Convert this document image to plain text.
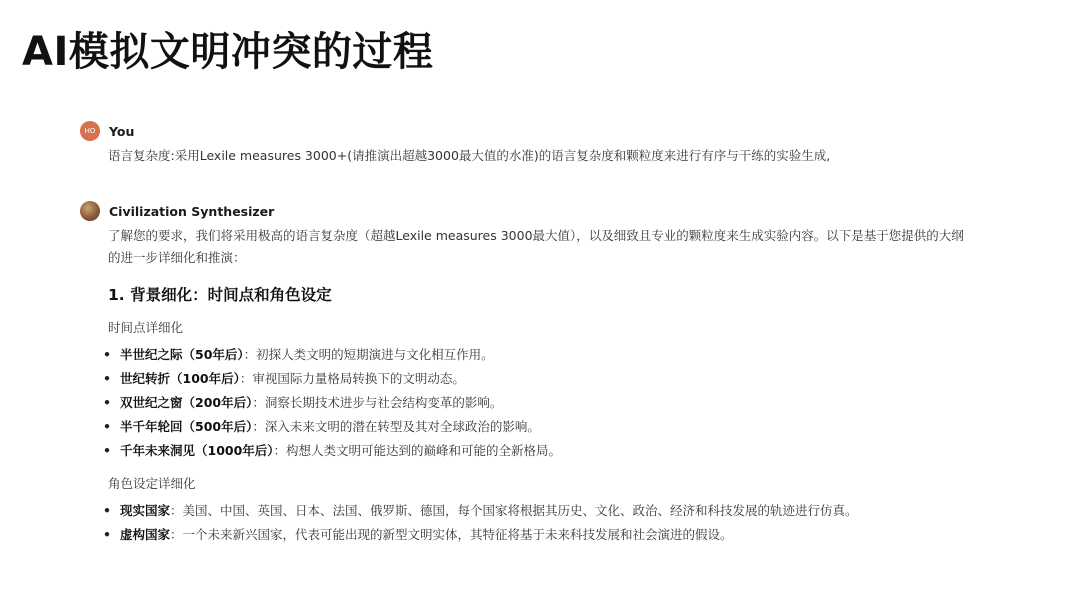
AI模拟文明冲突的过程
HO	You
语言复杂度:采用Lexile measures 3000+(请推演出超越3000最大值的水准)的语言复杂度和颗粒度来进行有序与干练的实验生成,
Civilization Synthesizer
了解您的要求，我们将采用极高的语言复杂度（超越Lexile measures 3000最大值），以及细致且专业的颗粒度来生成实验内容。以下是基于您提供的大纲的进一步详细化和推演：
1. 背景细化：时间点和角色设定
时间点详细化
• 半世纪之际（50年后）：初探人类文明的短期演进与文化相互作用。
• 世纪转折（100年后）：审视国际力量格局转换下的文明动态。
• 双世纪之窗（200年后）：洞察长期技术进步与社会结构变革的影响。
• 半千年轮回（500年后）：深入未来文明的潜在转型及其对全球政治的影响。
• 千年未来洞见（1000年后）：构想人类文明可能达到的巅峰和可能的全新格局。
角色设定详细化
• 现实国家：美国、中国、英国、日本、法国、俄罗斯、德国，每个国家将根据其历史、文化、政治、经济和科技发展的轨迹进行仿真。
• 虚构国家：一个未来新兴国家，代表可能出现的新型文明实体，其特征将基于未来科技发展和社会演进的假设。
